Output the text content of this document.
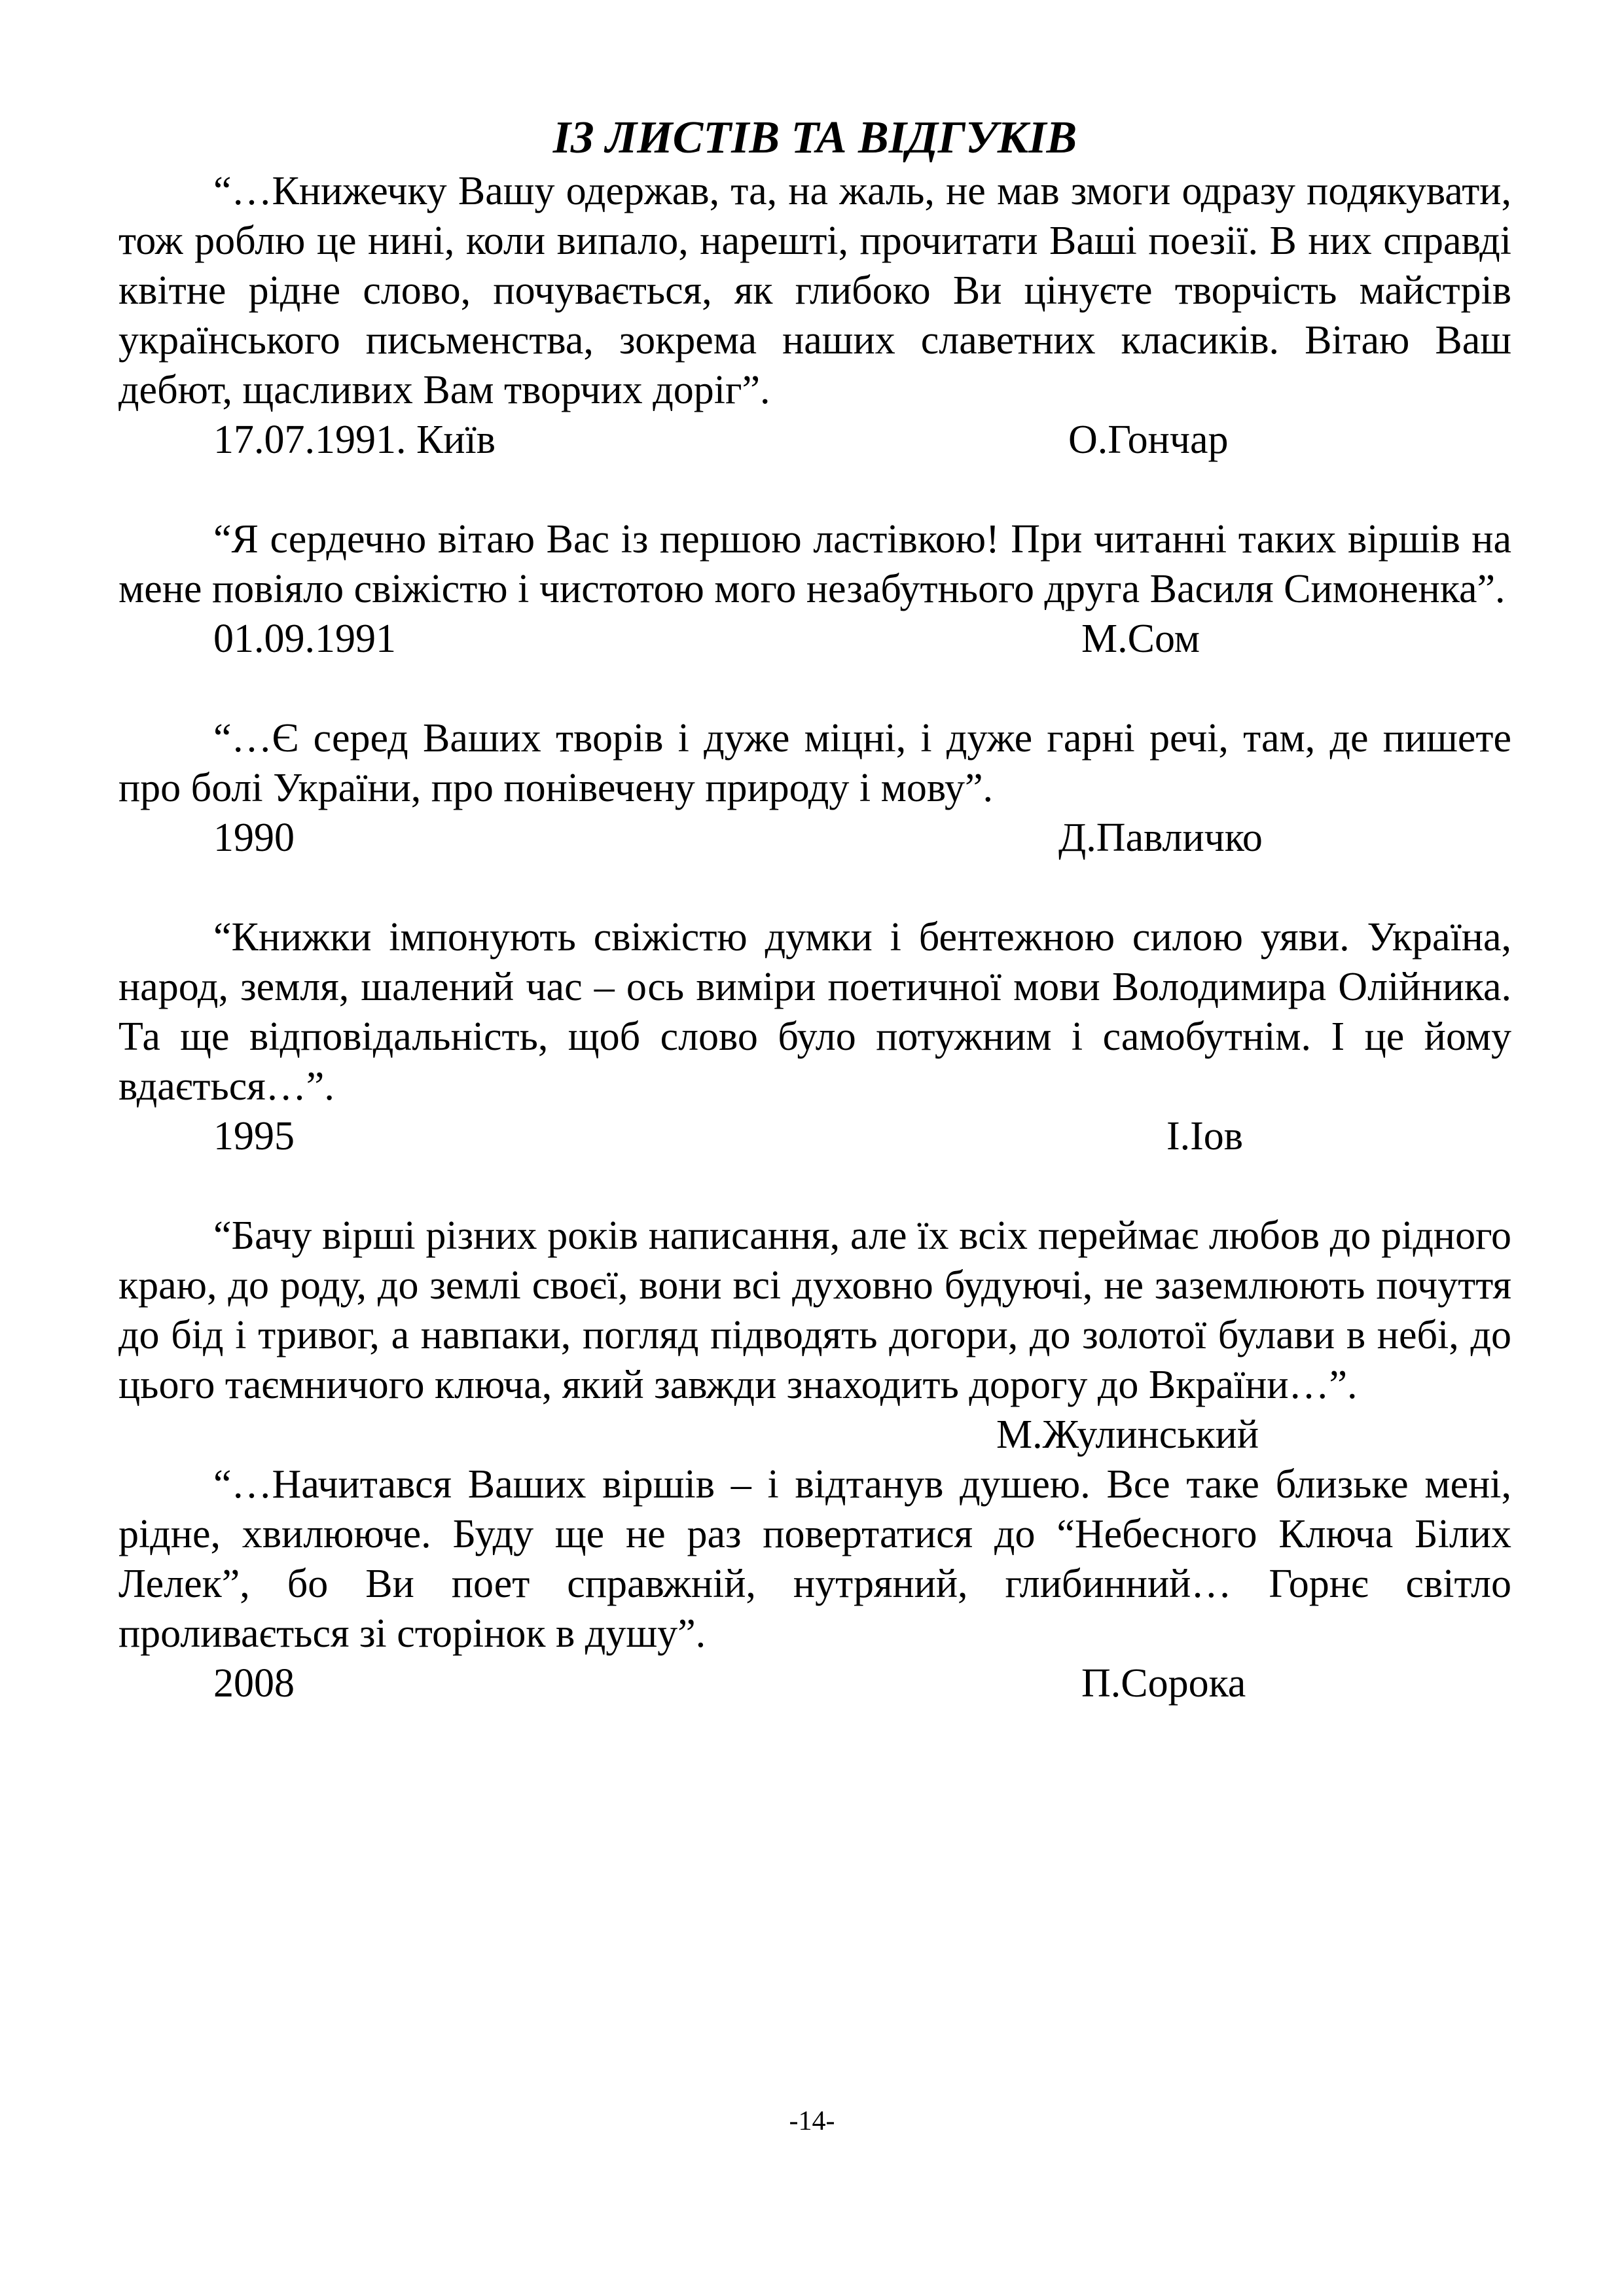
ІЗ ЛИСТІВ ТА ВІДГУКІВ

“…Книжечку Вашу одержав, та, на жаль, не мав змоги одразу подякувати, тож роблю це нині, коли випало, нарешті, прочитати Ваші поезії. В них справді квітне рідне слово, почувається, як глибоко Ви цінуєте творчість майстрів українського письменства, зокрема наших славетних класиків. Вітаю Ваш дебют, щасливих Вам творчих доріг”.

17.07.1991. Київ	О.Гончар

“Я сердечно вітаю Вас із першою ластівкою! При читанні таких віршів на мене повіяло свіжістю і чистотою мого незабутнього друга Василя Симоненка”.

01.09.1991	М.Сом

“…Є серед Ваших творів і дуже міцні, і дуже гарні речі, там, де пишете про болі України, про понівечену природу і мову”.

1990	Д.Павличко

“Книжки імпонують свіжістю думки і бентежною силою уяви. Україна, народ, земля, шалений час – ось виміри поетичної мови Володимира Олійника. Та ще відповідальність, щоб слово було потужним і самобутнім. І це йому вдається…”.

1995	І.Іов

“Бачу вірші різних років написання, але їх всіх переймає любов до рідного краю, до роду, до землі своєї, вони всі духовно будуючі, не заземлюють почуття до бід і тривог, а навпаки, погляд підводять догори, до золотої булави в небі, до цього таємничого ключа, який завжди знаходить дорогу до Вкраїни…”.

М.Жулинський

“…Начитався Ваших віршів – і відтанув душею. Все таке близьке мені, рідне, хвилююче. Буду ще не раз повертатися до “Небесного Ключа Білих Лелек”, бо Ви поет справжній, нутряний, глибинний… Горнє світло проливається зі сторінок в душу”.

2008	П.Сорока
-14-
